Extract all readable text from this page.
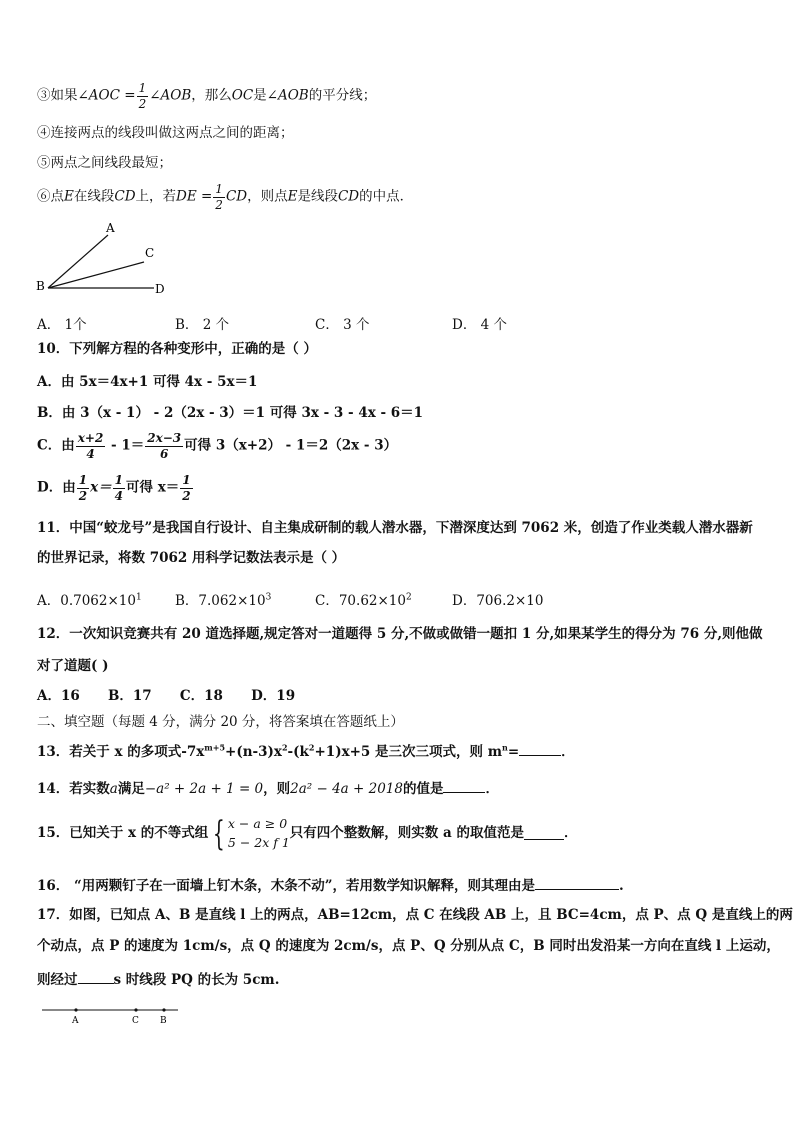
③如果∠AOC = $\frac{1}{2}$ ∠AOB，那么OC是∠AOB的平分线；
④连接两点的线段叫做这两点之间的距离；
⑤两点之间线段最短；
⑥点E在线段CD上，若DE = $\frac{1}{2}$ CD，则点E是线段CD的中点．
A
C
B	D
A． 1个	B． 2 个	C． 3 个	D． 4 个
10．下列解方程的各种变形中，正确的是（ ）
A．由 5x＝4x+1 可得 4x - 5x＝1
B．由 3（x - 1） - 2（2x - 3）＝1 可得 3x - 3 - 4x - 6＝1
C．由 $\frac{x+2}{4} - 1= \frac{2x-3}{6}$ 可得 3（x+2） - 1＝2（2x - 3）
D．由 $\frac{1}{2} x= \frac{1}{4}$ 可得 $x= \frac{1}{2}$
11．中国“蛟龙号”是我国自行设计、自主集成研制的载人潜水器，下潜深度达到 7062 米，创造了作业类载人潜水器新
的世界记录，将数 7062 用科学记数法表示是（ ）
A．$0.7062\times 10^1$ B．$7.062\times 10^3$	C．$70.62\times 10^2$	D．706.2×10
12．一次知识竞赛共有 20 道选择题,规定答对一道题得 5 分,不做或做错一题扣 1 分,如果某学生的得分为 76 分,则他做
对了道题( )
A．16      B．17      C．18      D．19
二、填空题（每题 4 分，满分 20 分，将答案填在答题纸上）
13．若关于 x 的多项式$-7x^{m+5}+(n-3)x^2-(k^2+1)x+5$ 是三次三项式，则 $m^n=$	．
14．若实数a满足−a² + 2a + 1 = 0，则2a² − 4a + 2018的值是	．
15．已知关于 x 的不等式组 { x − a ≥ 0
5 − 2x f 1
只有四个整数解，则实数 a 的取值范是	．
16． “用两颗钉子在一面墙上钉木条，木条不动”，若用数学知识解释，则其理由是	.
17．如图，已知点 A、B 是直线 l 上的两点，AB=12cm，点 C 在线段 AB 上，且 BC=4cm，点 P、点 Q 是直线上的两
个动点，点 P 的速度为 1cm/s，点 Q 的速度为 2cm/s，点 P、Q 分别从点 C，B 同时出发沿某一方向在直线 l 上运动，
则经过	s 时线段 PQ 的长为 5cm.
A	C B
